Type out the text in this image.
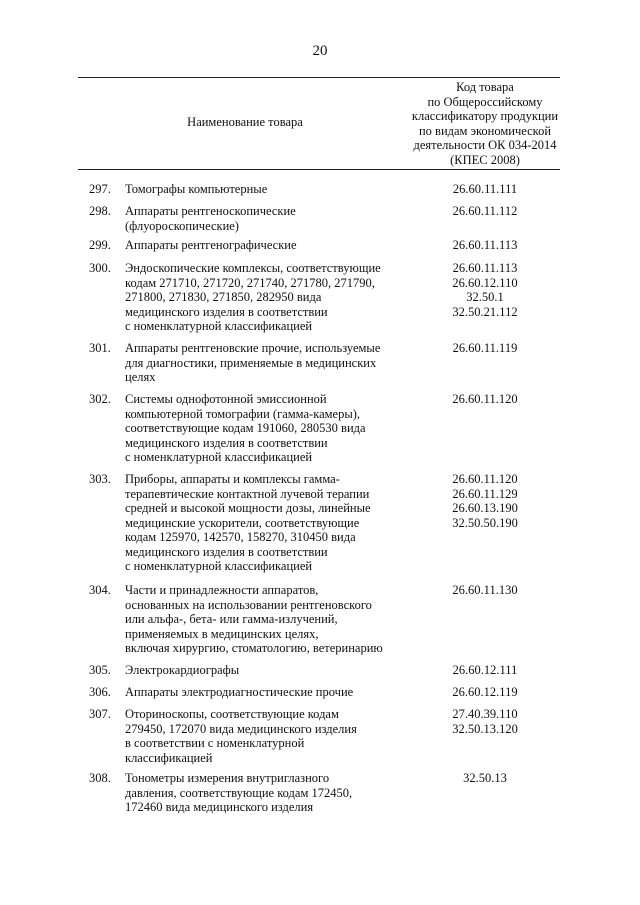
20
Наименование товара
Код товара
по Общероссийскому
классификатору продукции
по видам экономической
деятельности ОК 034-2014
(КПЕС 2008)
297. Томографы компьютерные	26.60.11.111
298. Аппараты рентгеноскопические
(флуороскопические)
26.60.11.112
299. Аппараты рентгенографические	26.60.11.113
300. Эндоскопические комплексы, соответствующие
кодам 271710, 271720, 271740, 271780, 271790,
271800, 271830, 271850, 282950 вида
медицинского изделия в соответствии
с номенклатурной классификацией
26.60.11.113
26.60.12.110
32.50.1
32.50.21.112
301. Аппараты рентгеновские прочие, используемые
для диагностики, применяемые в медицинских
целях
26.60.11.119
302. Системы однофотонной эмиссионной
компьютерной томографии (гамма-камеры),
соответствующие кодам 191060, 280530 вида
медицинского изделия в соответствии
с номенклатурной классификацией
26.60.11.120
303. Приборы, аппараты и комплексы гамма-
терапевтические контактной лучевой терапии
средней и высокой мощности дозы, линейные
медицинские ускорители, соответствующие
кодам 125970, 142570, 158270, 310450 вида
медицинского изделия в соответствии
с номенклатурной классификацией
26.60.11.120
26.60.11.129
26.60.13.190
32.50.50.190
304. Части и принадлежности аппаратов,
основанных на использовании рентгеновского
или альфа-, бета- или гамма-излучений,
применяемых в медицинских целях,
включая хирургию, стоматологию, ветеринарию
26.60.11.130
305. Электрокардиографы	26.60.12.111
306. Аппараты электродиагностические прочие	26.60.12.119
307. Оториноскопы, соответствующие кодам
279450, 172070 вида медицинского изделия
в соответствии с номенклатурной
классификацией
27.40.39.110
32.50.13.120
308. Тонометры измерения внутриглазного
давления, соответствующие кодам 172450,
172460 вида медицинского изделия
32.50.13
